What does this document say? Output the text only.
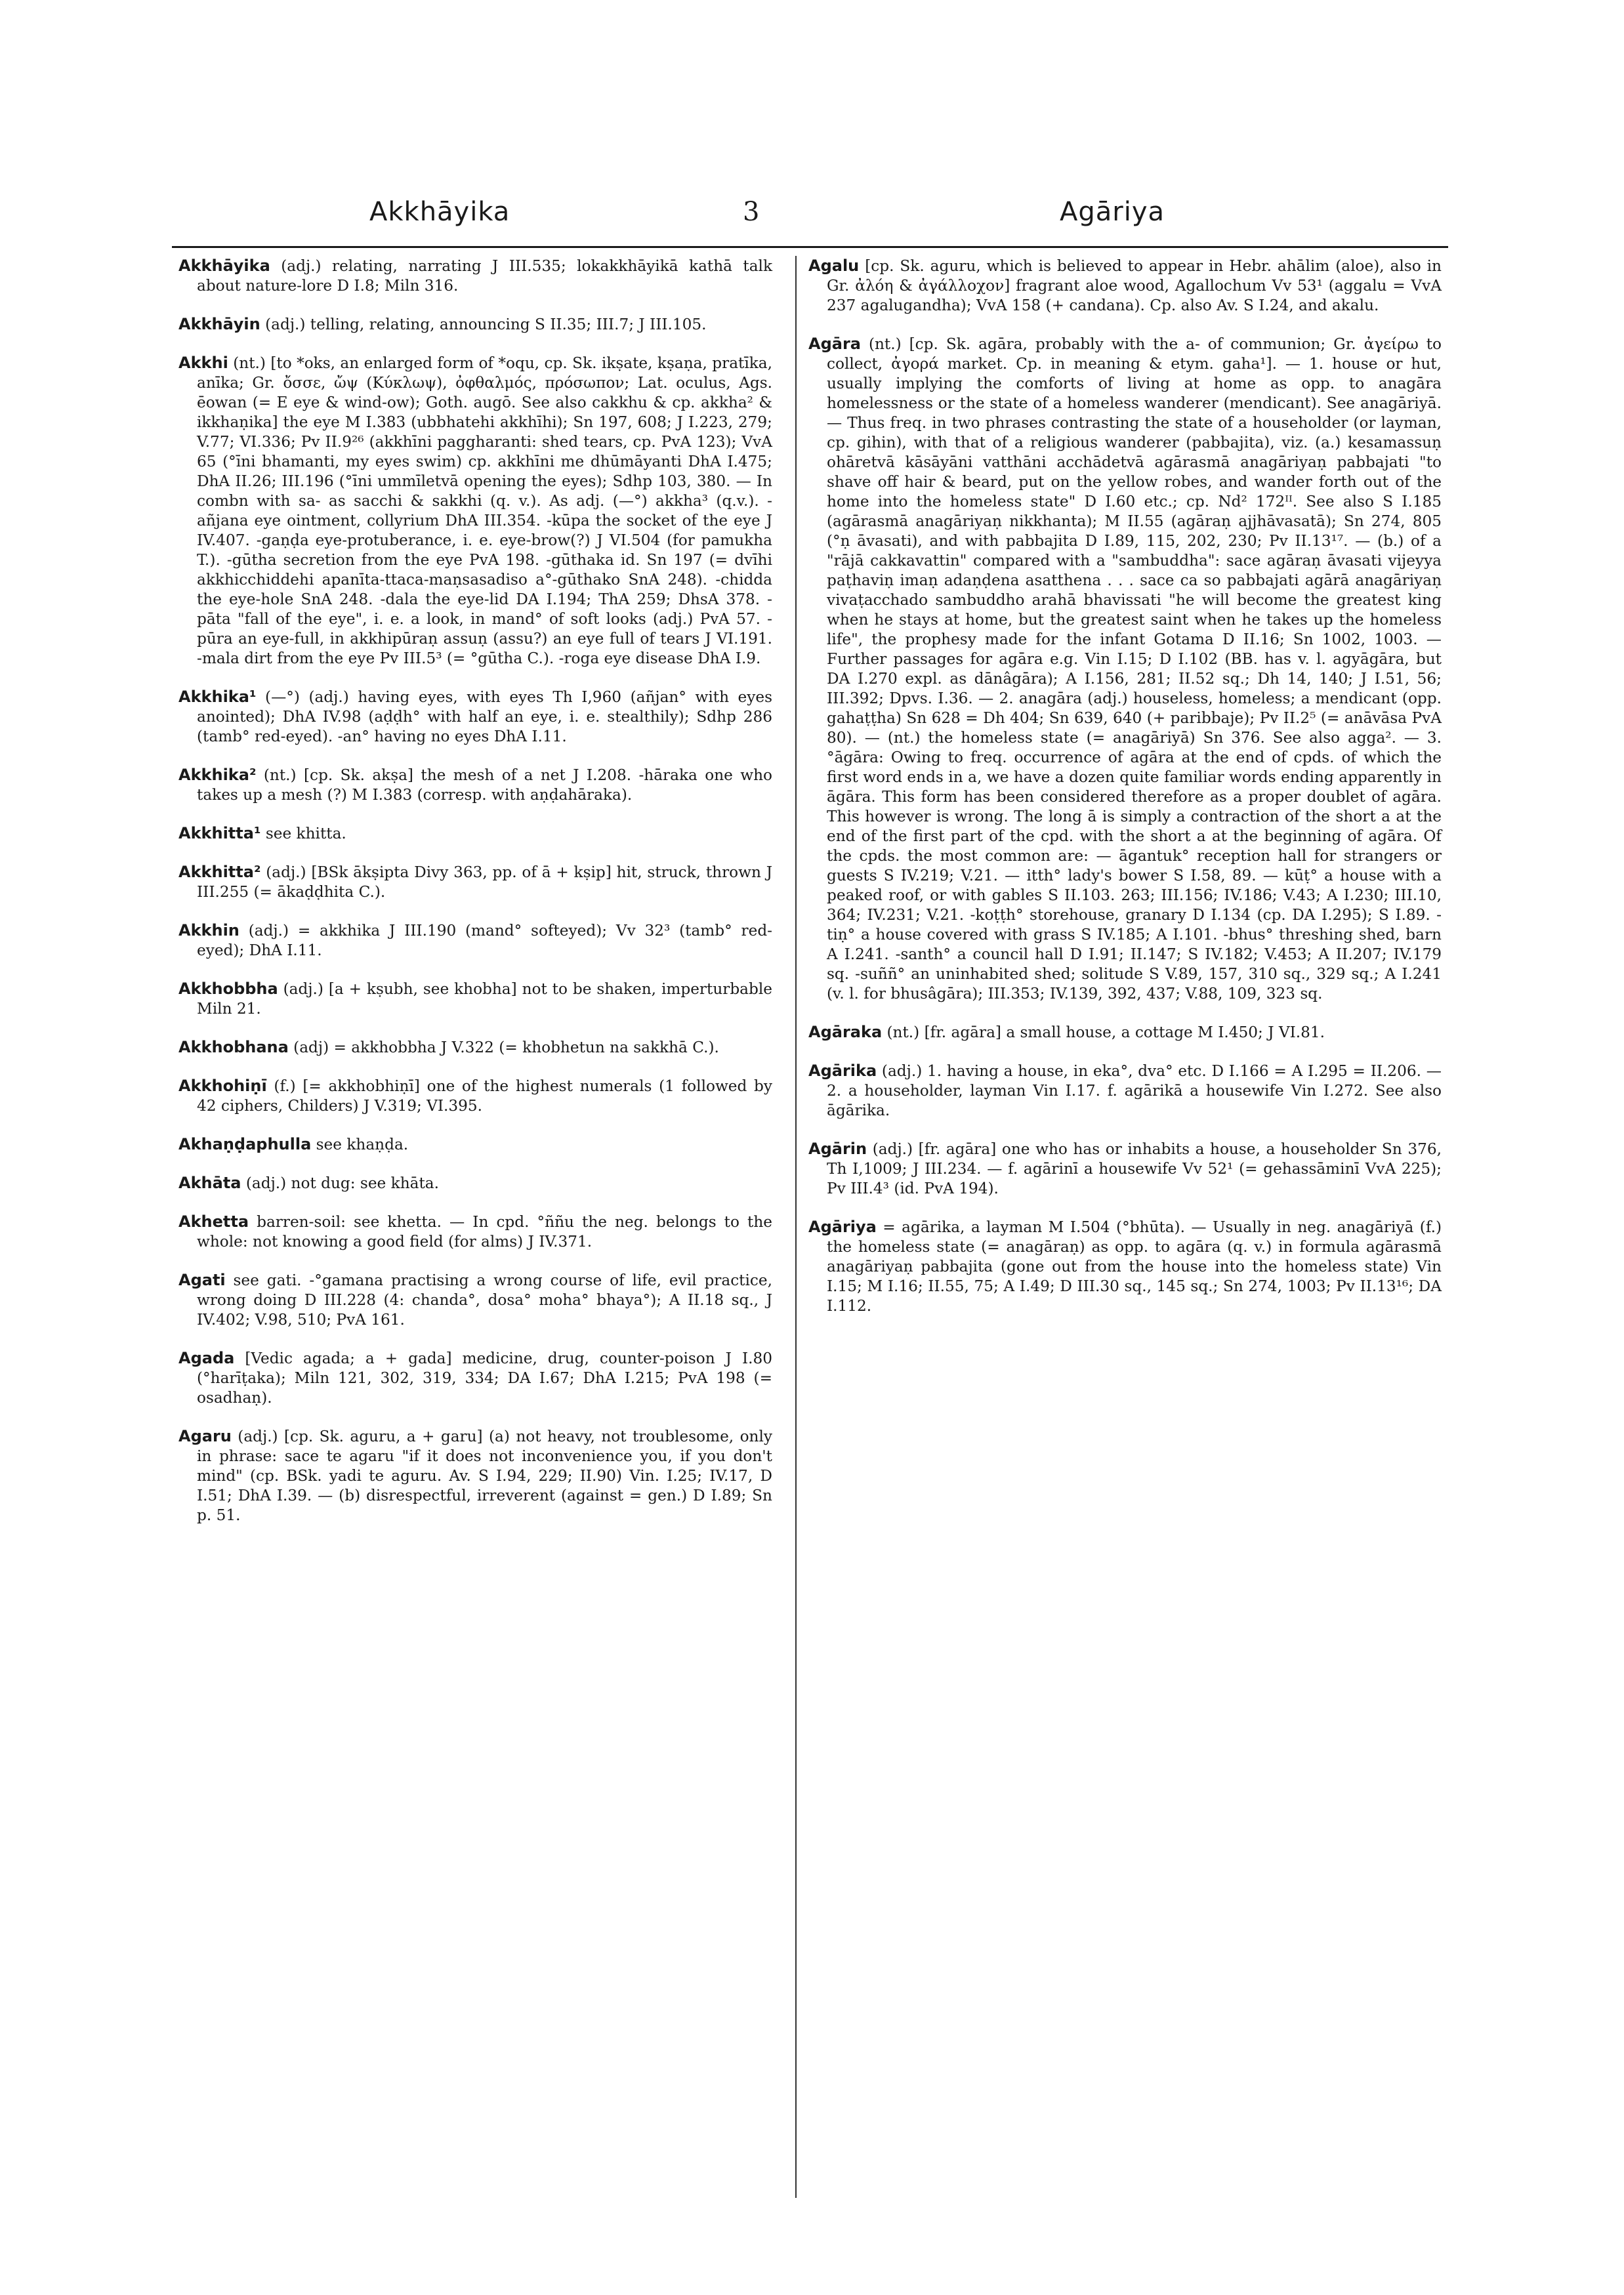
Akkhāyika	3	Agāriya

Akkhāyika (adj.) relating, narrating J III.535; lokakkhāyikā kathā talk about nature-lore D I.8; Miln 316.

Akkhāyin (adj.) telling, relating, announcing S II.35; III.7; J III.105.

Akkhi (nt.) [to *oks, an enlarged form of *oqu, cp. Sk. ikṣate, kṣaṇa, pratīka, anīka; Gr. ὄσσε, ὤψ (Κύκλωψ), ὀφθαλμός, πρόσωπον; Lat. oculus, Ags. ēowan (= E eye & wind-ow); Goth. augō. See also cakkhu & cp. akkha² & ikkhaṇika] the eye M I.383 (ubbhatehi akkhīhi); Sn 197, 608; J I.223, 279; V.77; VI.336; Pv II.9²⁶ (akkhīni paggharanti: shed tears, cp. PvA 123); VvA 65 (°īni bhamanti, my eyes swim) cp. akkhīni me dhūmāyanti DhA I.475; DhA II.26; III.196 (°īni ummīletvā opening the eyes); Sdhp 103, 380. — In combn with sa- as sacchi & sakkhi (q. v.). As adj. (—°) akkha³ (q.v.). -añjana eye ointment, collyrium DhA III.354. -kūpa the socket of the eye J IV.407. -gaṇḍa eye-protuberance, i. e. eye-brow(?) J VI.504 (for pamukha T.). -gūtha secretion from the eye PvA 198. -gūthaka id. Sn 197 (= dvīhi akkhicchiddehi apanīta-ttaca-maṇsasadiso a°-gūthako SnA 248). -chidda the eye-hole SnA 248. -dala the eye-lid DA I.194; ThA 259; DhsA 378. -pāta "fall of the eye", i. e. a look, in mand° of soft looks (adj.) PvA 57. -pūra an eye-full, in akkhipūraṇ assuṇ (assu?) an eye full of tears J VI.191. -mala dirt from the eye Pv III.5³ (= °gūtha C.). -roga eye disease DhA I.9.

Akkhika¹ (—°) (adj.) having eyes, with eyes Th I,960 (añjan° with eyes anointed); DhA IV.98 (aḍḍh° with half an eye, i. e. stealthily); Sdhp 286 (tamb° red-eyed). -an° having no eyes DhA I.11.

Akkhika² (nt.) [cp. Sk. akṣa] the mesh of a net J I.208. -hāraka one who takes up a mesh (?) M I.383 (corresp. with aṇḍahāraka).

Akkhitta¹ see khitta.

Akkhitta² (adj.) [BSk ākṣipta Divy 363, pp. of ā + kṣip] hit, struck, thrown J III.255 (= ākaḍḍhita C.).

Akkhin (adj.) = akkhika J III.190 (mand° softeyed); Vv 32³ (tamb° red-eyed); DhA I.11.

Akkhobbha (adj.) [a + kṣubh, see khobha] not to be shaken, imperturbable Miln 21.

Akkhobhana (adj) = akkhobbha J V.322 (= khobhetun na sakkhā C.).

Akkhohiṇī (f.) [= akkhobhiṇī] one of the highest numerals (1 followed by 42 ciphers, Childers) J V.319; VI.395.

Akhaṇḍaphulla see khaṇḍa.

Akhāta (adj.) not dug: see khāta.

Akhetta barren-soil: see khetta. — In cpd. °ññu the neg. belongs to the whole: not knowing a good field (for alms) J IV.371.

Agati see gati. -°gamana practising a wrong course of life, evil practice, wrong doing D III.228 (4: chanda°, dosa° moha° bhaya°); A II.18 sq., J IV.402; V.98, 510; PvA 161.

Agada [Vedic agada; a + gada] medicine, drug, counter-poison J I.80 (°harīṭaka); Miln 121, 302, 319, 334; DA I.67; DhA I.215; PvA 198 (= osadhaṇ).

Agaru (adj.) [cp. Sk. aguru, a + garu] (a) not heavy, not troublesome, only in phrase: sace te agaru "if it does not inconvenience you, if you don't mind" (cp. BSk. yadi te aguru. Av. S I.94, 229; II.90) Vin. I.25; IV.17, D I.51; DhA I.39. — (b) disrespectful, irreverent (against = gen.) D I.89; Sn p. 51.

Agalu [cp. Sk. aguru, which is believed to appear in Hebr. ahālim (aloe), also in Gr. ἀλόη & ἀγάλλοχον] fragrant aloe wood, Agallochum Vv 53¹ (aggalu = VvA 237 agalugandha); VvA 158 (+ candana). Cp. also Av. S I.24, and akalu.

Agāra (nt.) [cp. Sk. agāra, probably with the a- of communion; Gr. ἀγείρω to collect, ἀγορά market. Cp. in meaning & etym. gaha¹]. — 1. house or hut, usually implying the comforts of living at home as opp. to anagāra homelessness or the state of a homeless wanderer (mendicant). See anagāriyā. — Thus freq. in two phrases contrasting the state of a householder (or layman, cp. gihin), with that of a religious wanderer (pabbajita), viz. (a.) kesamassuṇ ohāretvā kāsāyāni vatthāni acchādetvā agārasmā anagāriyaṇ pabbajati "to shave off hair & beard, put on the yellow robes, and wander forth out of the home into the homeless state" D I.60 etc.; cp. Nd² 172ᴵᴵ. See also S I.185 (agārasmā anagāriyaṇ nikkhanta); M II.55 (agāraṇ ajjhāvasatā); Sn 274, 805 (°ṇ āvasati), and with pabbajita D I.89, 115, 202, 230; Pv II.13¹⁷. — (b.) of a "rājā cakkavattin" compared with a "sambuddha": sace agāraṇ āvasati vijeyya paṭhaviṇ imaṇ adaṇḍena asatthena . . . sace ca so pabbajati agārā anagāriyaṇ vivaṭacchado sambuddho arahā bhavissati "he will become the greatest king when he stays at home, but the greatest saint when he takes up the homeless life", the prophesy made for the infant Gotama D II.16; Sn 1002, 1003. — Further passages for agāra e.g. Vin I.15; D I.102 (BB. has v. l. agyāgāra, but DA I.270 expl. as dānâgāra); A I.156, 281; II.52 sq.; Dh 14, 140; J I.51, 56; III.392; Dpvs. I.36. — 2. anagāra (adj.) houseless, homeless; a mendicant (opp. gahaṭṭha) Sn 628 = Dh 404; Sn 639, 640 (+ paribbaje); Pv II.2⁵ (= anāvāsa PvA 80). — (nt.) the homeless state (= anagāriyā) Sn 376. See also agga². — 3. °āgāra: Owing to freq. occurrence of agāra at the end of cpds. of which the first word ends in a, we have a dozen quite familiar words ending apparently in āgāra. This form has been considered therefore as a proper doublet of agāra. This however is wrong. The long ā is simply a contraction of the short a at the end of the first part of the cpd. with the short a at the beginning of agāra. Of the cpds. the most common are: — āgantuk° reception hall for strangers or guests S IV.219; V.21. — itth° lady's bower S I.58, 89. — kūṭ° a house with a peaked roof, or with gables S II.103. 263; III.156; IV.186; V.43; A I.230; III.10, 364; IV.231; V.21. -koṭṭh° storehouse, granary D I.134 (cp. DA I.295); S I.89. -tiṇ° a house covered with grass S IV.185; A I.101. -bhus° threshing shed, barn A I.241. -santh° a council hall D I.91; II.147; S IV.182; V.453; A II.207; IV.179 sq. -suññ° an uninhabited shed; solitude S V.89, 157, 310 sq., 329 sq.; A I.241 (v. l. for bhusâgāra); III.353; IV.139, 392, 437; V.88, 109, 323 sq.

Agāraka (nt.) [fr. agāra] a small house, a cottage M I.450; J VI.81.

Agārika (adj.) 1. having a house, in eka°, dva° etc. D I.166 = A I.295 = II.206. — 2. a householder, layman Vin I.17. f. agārikā a housewife Vin I.272. See also āgārika.

Agārin (adj.) [fr. agāra] one who has or inhabits a house, a householder Sn 376, Th I,1009; J III.234. — f. agārinī a housewife Vv 52¹ (= gehassāminī VvA 225); Pv III.4³ (id. PvA 194).

Agāriya = agārika, a layman M I.504 (°bhūta). — Usually in neg. anagāriyā (f.) the homeless state (= anagāraṇ) as opp. to agāra (q. v.) in formula agārasmā anagāriyaṇ pabbajita (gone out from the house into the homeless state) Vin I.15; M I.16; II.55, 75; A I.49; D III.30 sq., 145 sq.; Sn 274, 1003; Pv II.13¹⁶; DA I.112.
